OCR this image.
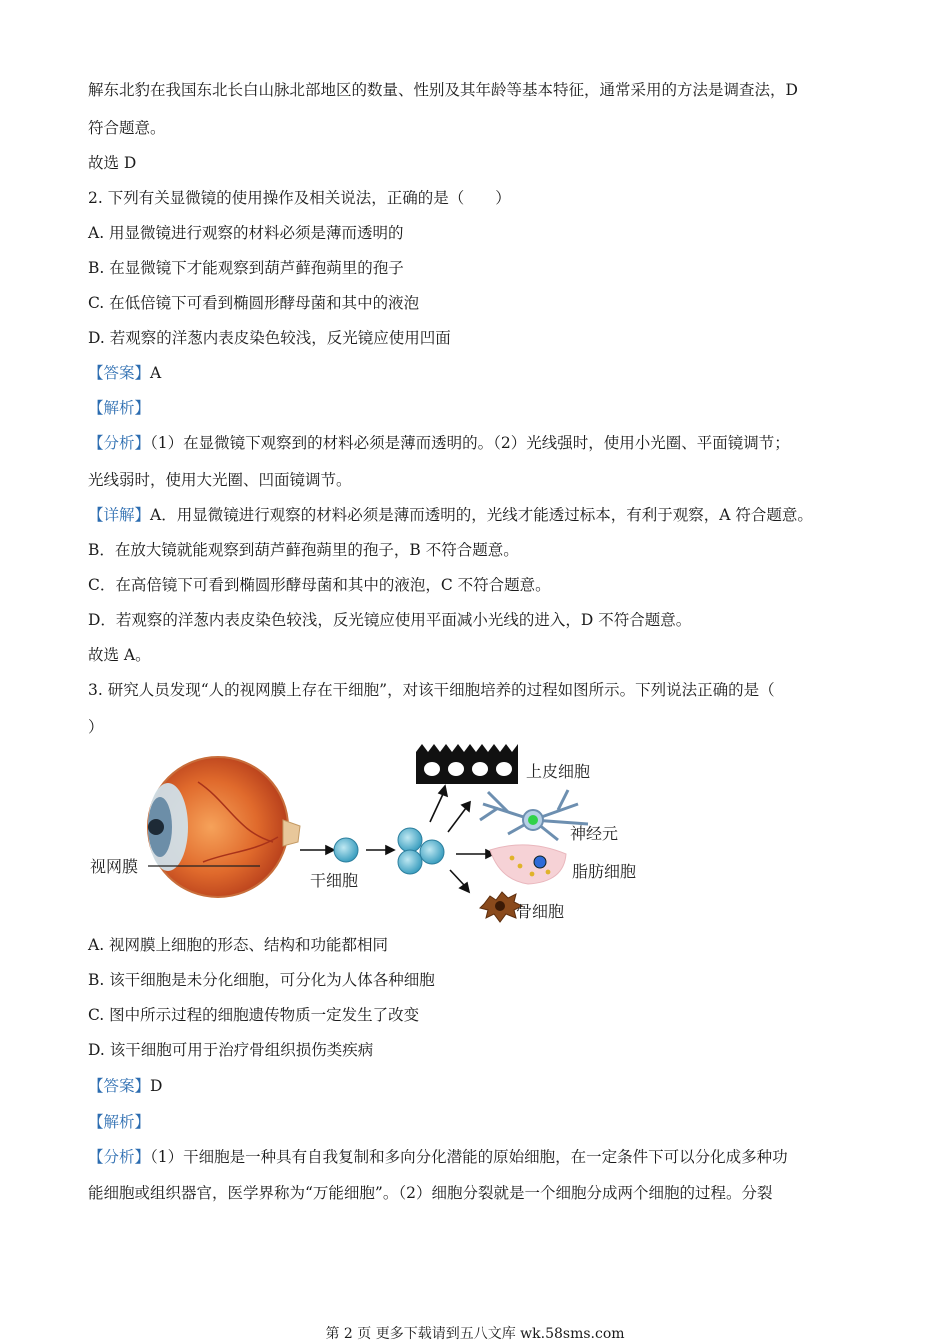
解东北豹在我国东北长白山脉北部地区的数量、性别及其年龄等基本特征，通常采用的方法是调查法，D
符合题意。
故选 D
2. 下列有关显微镜的使用操作及相关说法，正确的是（　　）
A. 用显微镜进行观察的材料必须是薄而透明的
B. 在显微镜下才能观察到葫芦藓孢蒴里的孢子
C. 在低倍镜下可看到椭圆形酵母菌和其中的液泡
D. 若观察的洋葱内表皮染色较浅，反光镜应使用凹面
【答案】A
【解析】
【分析】（1）在显微镜下观察到的材料必须是薄而透明的。（2）光线强时，使用小光圈、平面镜调节；
光线弱时，使用大光圈、凹面镜调节。
【详解】A．用显微镜进行观察的材料必须是薄而透明的，光线才能透过标本，有利于观察，A 符合题意。
B．在放大镜就能观察到葫芦藓孢蒴里的孢子，B 不符合题意。
C．在高倍镜下可看到椭圆形酵母菌和其中的液泡，C 不符合题意。
D．若观察的洋葱内表皮染色较浅，反光镜应使用平面减小光线的进入，D 不符合题意。
故选 A。
3. 研究人员发现“人的视网膜上存在干细胞”，对该干细胞培养的过程如图所示。下列说法正确的是（
）
A. 视网膜上细胞的形态、结构和功能都相同
B. 该干细胞是未分化细胞，可分化为人体各种细胞
C. 图中所示过程的细胞遗传物质一定发生了改变
D. 该干细胞可用于治疗骨组织损伤类疾病
【答案】D
【解析】
【分析】（1）干细胞是一种具有自我复制和多向分化潜能的原始细胞，在一定条件下可以分化成多种功
能细胞或组织器官，医学界称为“万能细胞”。（2）细胞分裂就是一个细胞分成两个细胞的过程。分裂
视网膜
干细胞
上皮细胞
神经元
脂肪细胞
骨细胞
第 2 页 更多下载请到五八文库 wk.58sms.com
